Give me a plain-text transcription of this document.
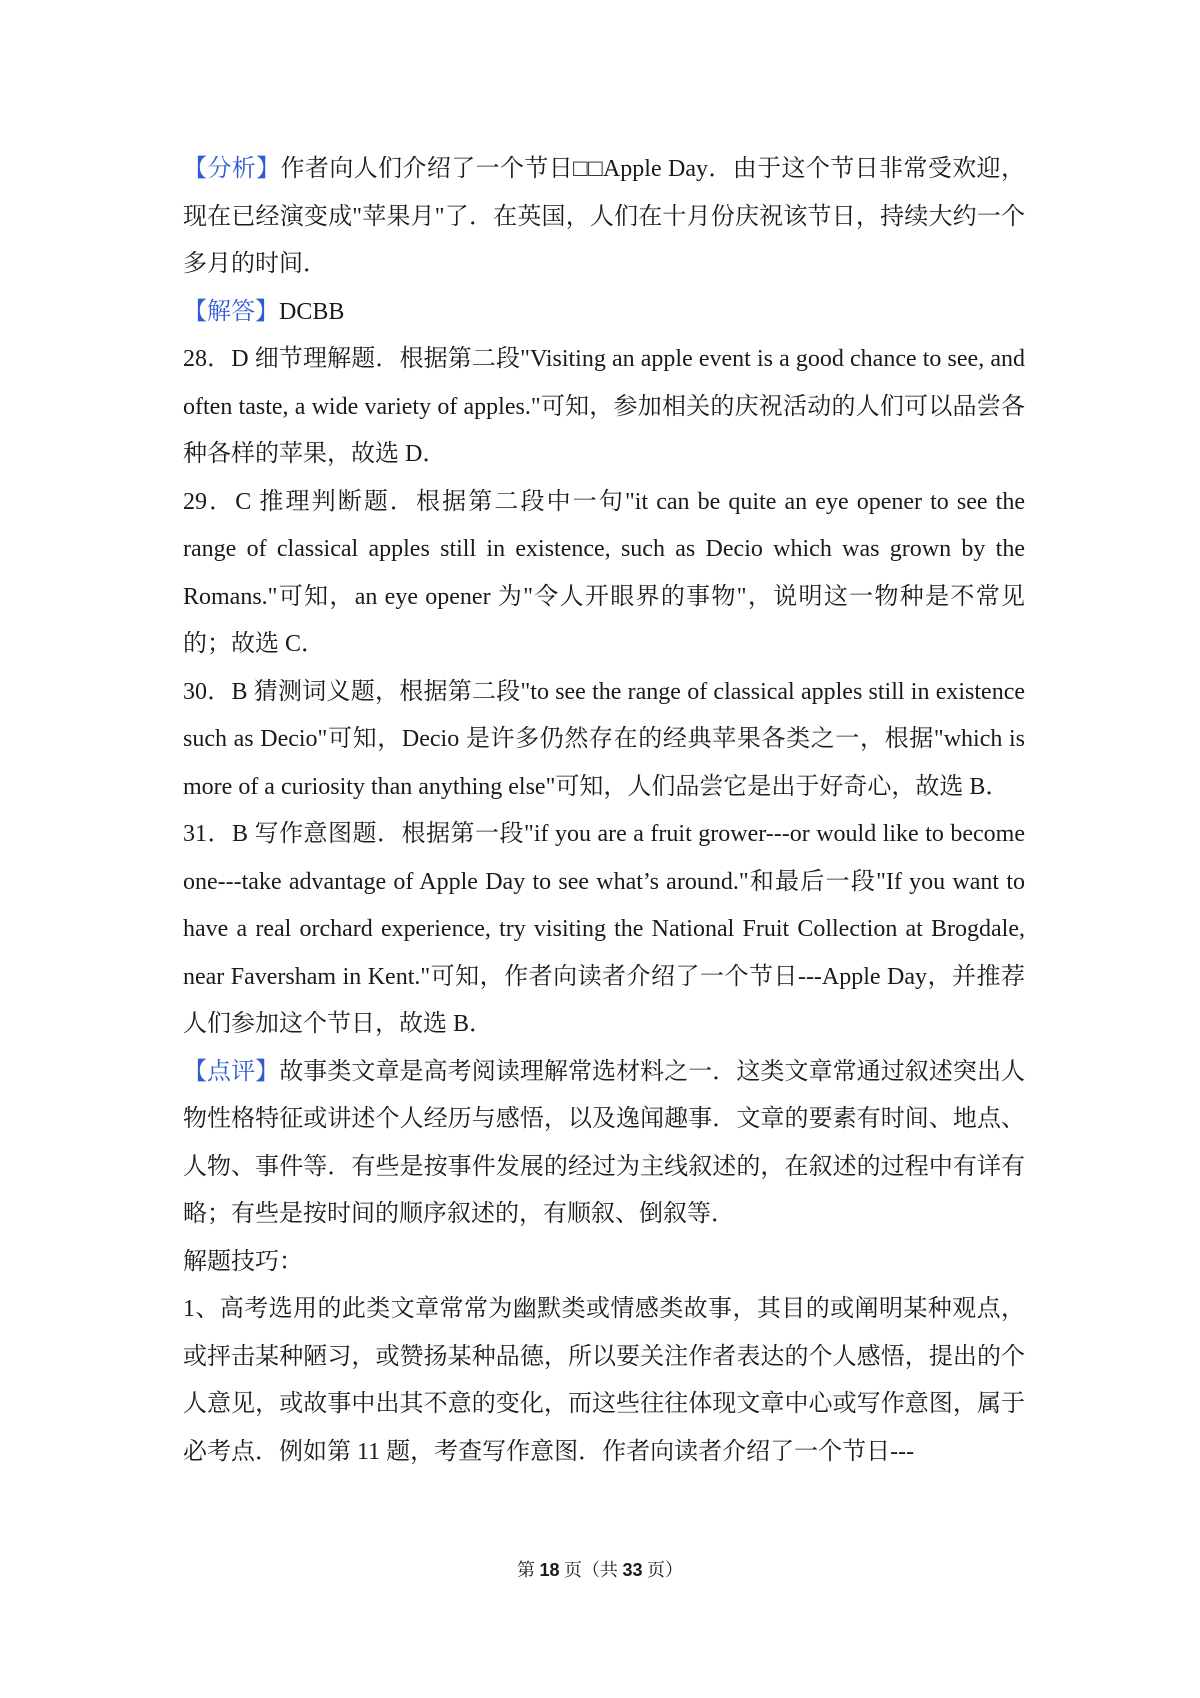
【分析】作者向人们介绍了一个节日□□Apple Day．由于这个节日非常受欢迎，现在已经演变成"苹果月"了．在英国，人们在十月份庆祝该节日，持续大约一个多月的时间．

【解答】DCBB

28．D 细节理解题．根据第二段"Visiting an apple event is a good chance to see, and often taste, a wide variety of apples."可知，参加相关的庆祝活动的人们可以品尝各种各样的苹果，故选 D．

29．C 推理判断题．根据第二段中一句"it can be quite an eye opener to see the range of classical apples still in existence, such as Decio which was grown by the Romans."可知，an eye opener 为"令人开眼界的事物"，说明这一物种是不常见的；故选 C．

30．B 猜测词义题，根据第二段"to see the range of classical apples still in existence such as Decio"可知，Decio 是许多仍然存在的经典苹果各类之一，根据"which is more of a curiosity than anything else"可知，人们品尝它是出于好奇心，故选 B．

31．B 写作意图题．根据第一段"if you are a fruit grower---or would like to become one---take advantage of Apple Day to see what’s around."和最后一段"If you want to have a real orchard experience, try visiting the National Fruit Collection at Brogdale, near Faversham in Kent."可知，作者向读者介绍了一个节日---Apple Day，并推荐人们参加这个节日，故选 B．

【点评】故事类文章是高考阅读理解常选材料之一．这类文章常通过叙述突出人物性格特征或讲述个人经历与感悟，以及逸闻趣事．文章的要素有时间、地点、人物、事件等．有些是按事件发展的经过为主线叙述的，在叙述的过程中有详有略；有些是按时间的顺序叙述的，有顺叙、倒叙等．

解题技巧：

1、高考选用的此类文章常常为幽默类或情感类故事，其目的或阐明某种观点，或抨击某种陋习，或赞扬某种品德，所以要关注作者表达的个人感悟，提出的个人意见，或故事中出其不意的变化，而这些往往体现文章中心或写作意图，属于必考点．例如第 11 题，考查写作意图．作者向读者介绍了一个节日---

第 18 页（共 33 页）
